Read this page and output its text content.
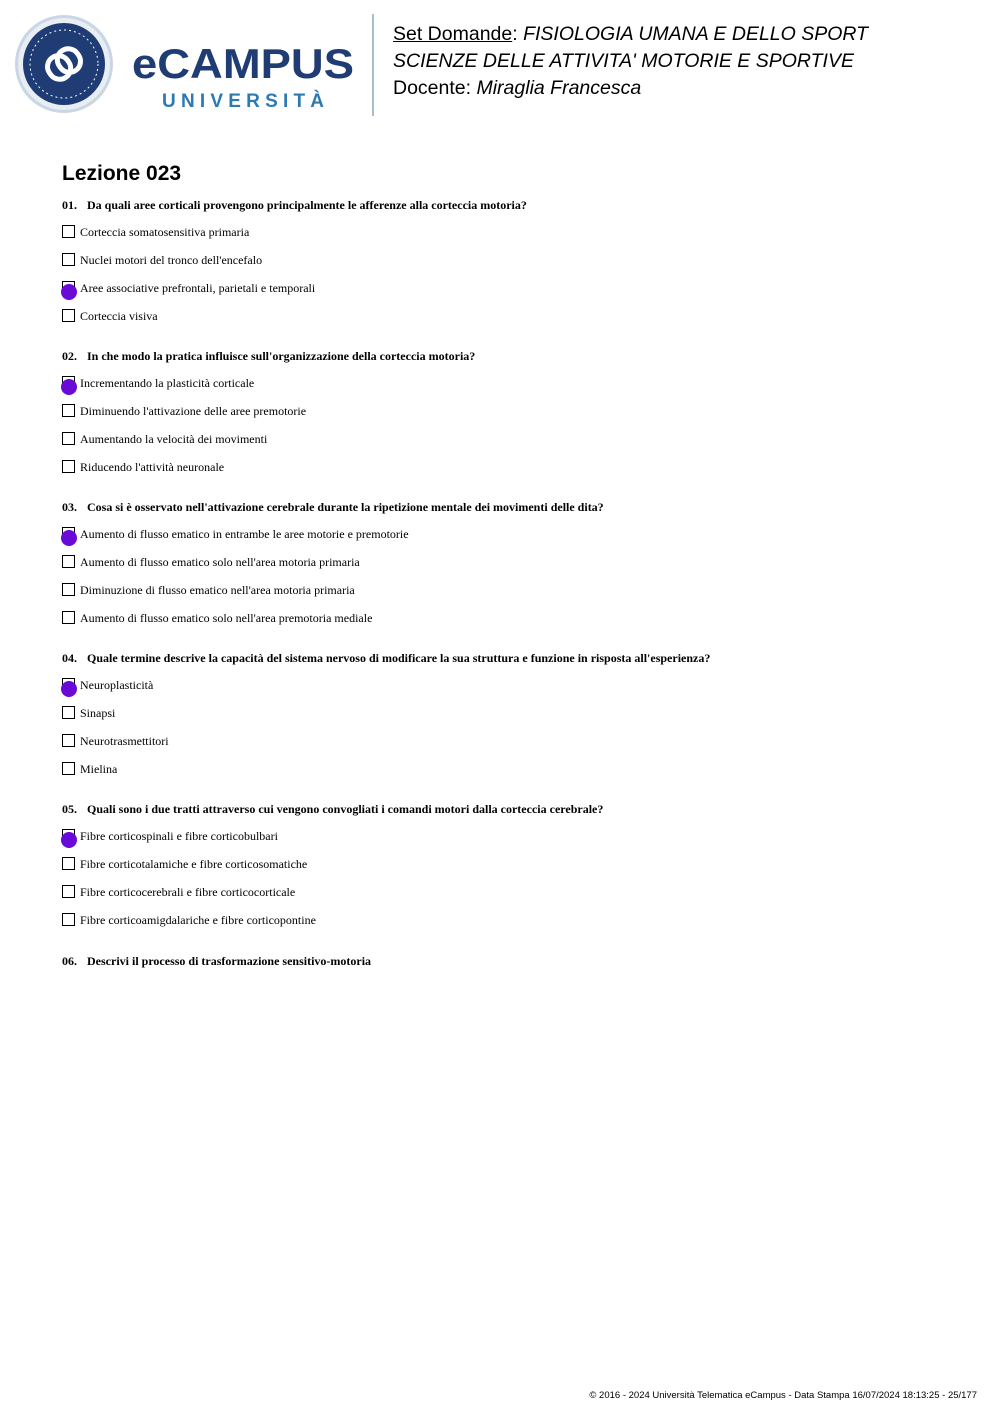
eCAMPUS
UNIVERSITÀ
Set Domande: FISIOLOGIA UMANA E DELLO SPORT
SCIENZE DELLE ATTIVITA' MOTORIE E SPORTIVE
Docente: Miraglia Francesca
Lezione 023
01. Da quali aree corticali provengono principalmente le afferenze alla corteccia motoria?
Corteccia somatosensitiva primaria
Nuclei motori del tronco dell'encefalo
Aree associative prefrontali, parietali e temporali
Corteccia visiva
02. In che modo la pratica influisce sull'organizzazione della corteccia motoria?
Incrementando la plasticità corticale
Diminuendo l'attivazione delle aree premotorie
Aumentando la velocità dei movimenti
Riducendo l'attività neuronale
03. Cosa si è osservato nell'attivazione cerebrale durante la ripetizione mentale dei movimenti delle dita?
Aumento di flusso ematico in entrambe le aree motorie e premotorie
Aumento di flusso ematico solo nell'area motoria primaria
Diminuzione di flusso ematico nell'area motoria primaria
Aumento di flusso ematico solo nell'area premotoria mediale
04. Quale termine descrive la capacità del sistema nervoso di modificare la sua struttura e funzione in risposta all'esperienza?
Neuroplasticità
Sinapsi
Neurotrasmettitori
Mielina
05. Quali sono i due tratti attraverso cui vengono convogliati i comandi motori dalla corteccia cerebrale?
Fibre corticospinali e fibre corticobulbari
Fibre corticotalamiche e fibre corticosomatiche
Fibre corticocerebrali e fibre corticocorticale
Fibre corticoamigdalariche e fibre corticopontine
06. Descrivi il processo di trasformazione sensitivo-motoria
© 2016 - 2024 Università Telematica eCampus - Data Stampa 16/07/2024 18:13:25 - 25/177
